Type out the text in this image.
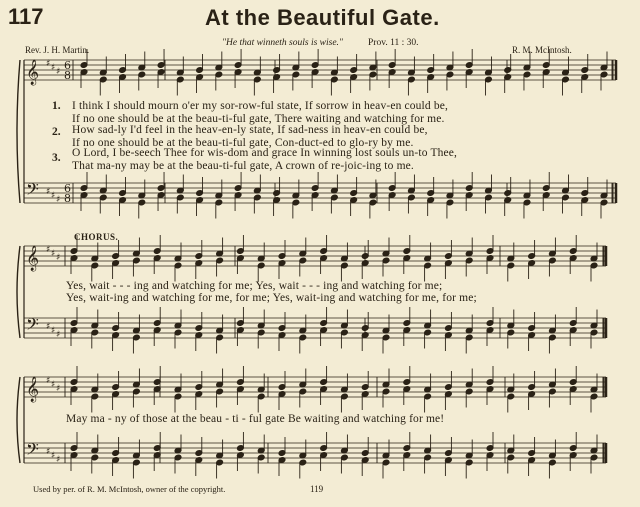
𝄞
𝄢
♯
♯
♯
♯
♯
♯
6
8
6
8
𝄞
𝄢
♯
♯
♯
♯
♯
♯
𝄞
𝄢
♯
♯
♯
♯
♯
♯
117	At the Beautiful Gate.
"He that winneth souls is wise."	Prov. 11 : 30.
Rev. J. H. Martin.	R. M. McIntosh.
1. I think I should mourn o'er my sor-row-ful state, If sorrow in heav-en could be,
If no one should be at the beau-ti-ful gate, There waiting and watching for me.
2. How sad-ly I'd feel in the heav-en-ly state, If sad-ness in heav-en could be,
If no one should be at the beau-ti-ful gate, Con-duct-ed to glo-ry by me.
3. O Lord, I be-seech Thee for wis-dom and grace In winning lost souls un-to Thee,
That ma-ny may be at the beau-ti-ful gate, A crown of re-joic-ing to me.
CHORUS.
Yes, wait - - - ing and watching for me; Yes, wait - - - ing and watching for me;
Yes, wait-ing and watching for me, for me; Yes, wait-ing and watching for me, for me;
May ma - ny of those at the beau - ti - ful gate Be waiting and watching for me!
Used by per. of R. M. McIntosh, owner of the copyright.	119
